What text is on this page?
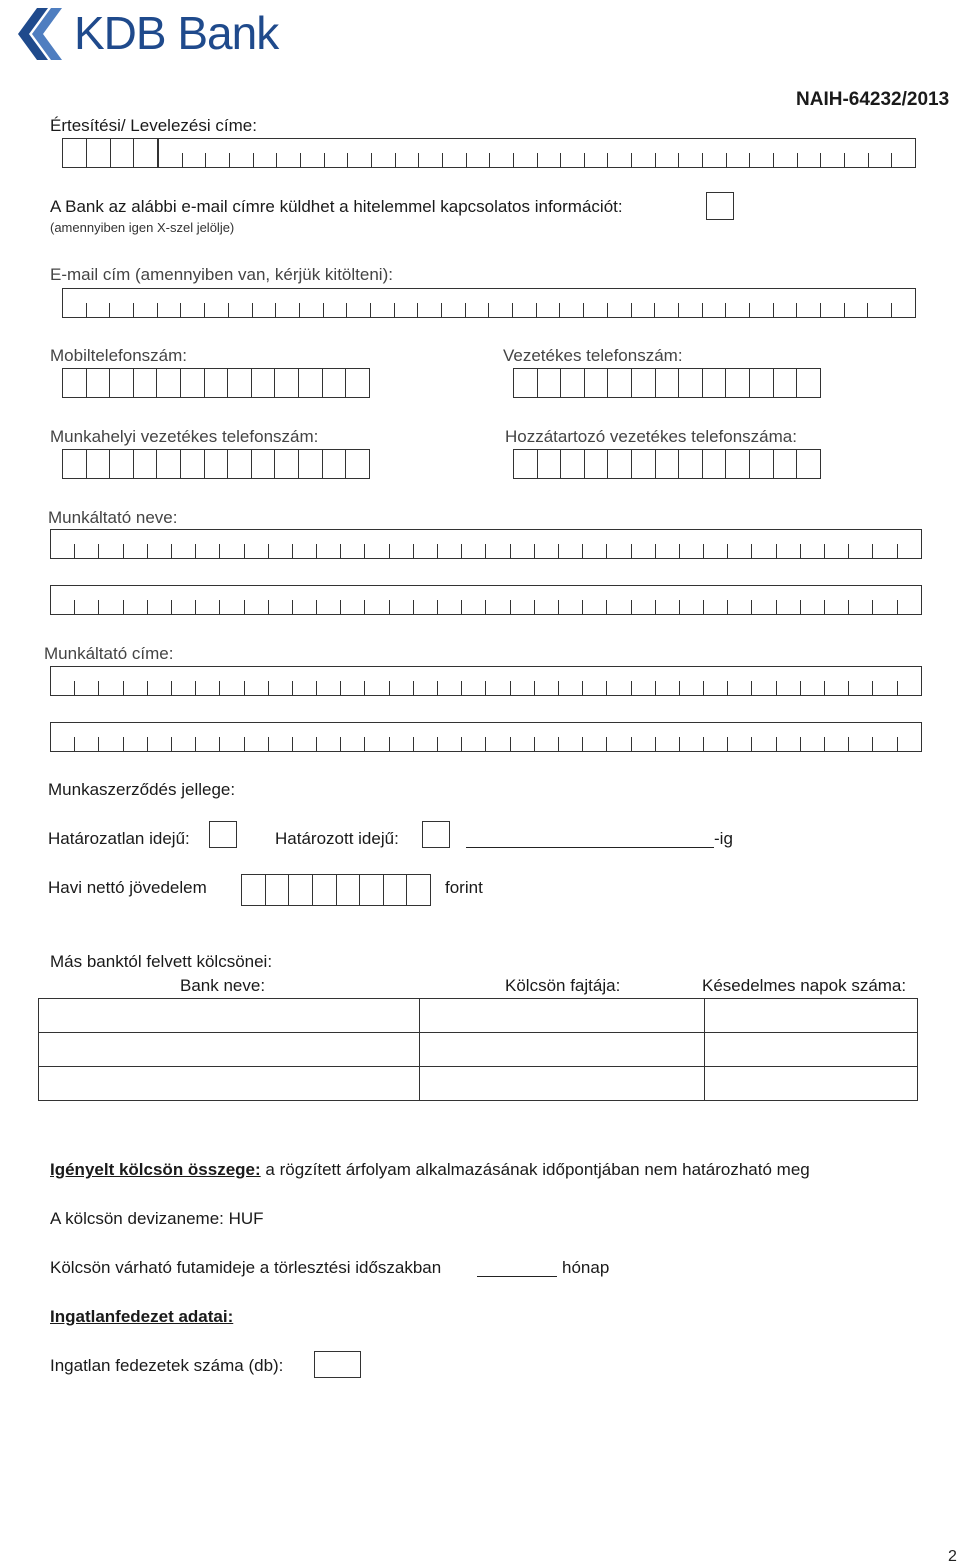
KDB Bank
NAIH-64232/2013
Értesítési/ Levelezési címe:
A Bank az alábbi e-mail címre küldhet a hitelemmel kapcsolatos információt:
(amennyiben igen X-szel jelölje)
E-mail cím (amennyiben van, kérjük kitölteni):
Mobiltelefonszám:	Vezetékes telefonszám:
Munkahelyi vezetékes telefonszám:	Hozzátartozó vezetékes telefonszáma:
Munkáltató neve:
Munkáltató címe:
Munkaszerződés jellege:
Határozatlan idejű:	Határozott idejű:	-ig
Havi nettó jövedelem	forint
Más banktól felvett kölcsönei:
Bank neve:	Kölcsön fajtája:	Késedelmes napok száma:

Igényelt kölcsön összege: a rögzített árfolyam alkalmazásának időpontjában nem határozható meg
A kölcsön devizaneme: HUF
Kölcsön várható futamideje a törlesztési időszakban	hónap
Ingatlanfedezet adatai:
Ingatlan fedezetek száma (db):
2
